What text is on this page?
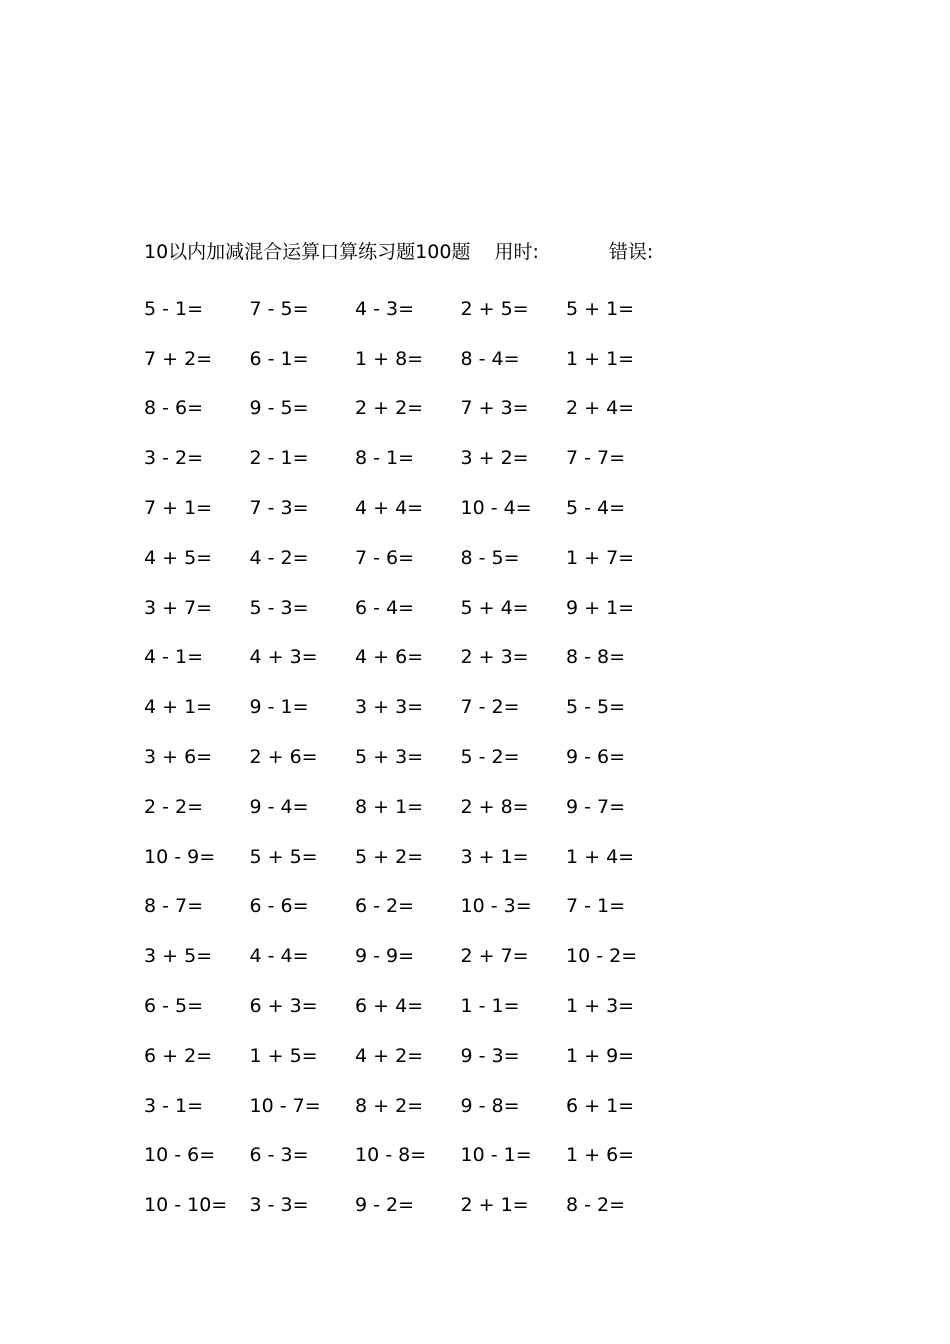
10以内加减混合运算口算练习题100题 用时:	错误:
5 - 1=	7 - 5=	4 - 3=	2 + 5=	5 + 1=
7 + 2=	6 - 1=	1 + 8=	8 - 4=	1 + 1=
8 - 6=	9 - 5=	2 + 2=	7 + 3=	2 + 4=
3 - 2=	2 - 1=	8 - 1=	3 + 2=	7 - 7=
7 + 1=	7 - 3=	4 + 4=	10 - 4=	5 - 4=
4 + 5=	4 - 2=	7 - 6=	8 - 5=	1 + 7=
3 + 7=	5 - 3=	6 - 4=	5 + 4=	9 + 1=
4 - 1=	4 + 3=	4 + 6=	2 + 3=	8 - 8=
4 + 1=	9 - 1=	3 + 3=	7 - 2=	5 - 5=
3 + 6=	2 + 6=	5 + 3=	5 - 2=	9 - 6=
2 - 2=	9 - 4=	8 + 1=	2 + 8=	9 - 7=
10 - 9=	5 + 5=	5 + 2=	3 + 1=	1 + 4=
8 - 7=	6 - 6=	6 - 2=	10 - 3=	7 - 1=
3 + 5=	4 - 4=	9 - 9=	2 + 7=	10 - 2=
6 - 5=	6 + 3=	6 + 4=	1 - 1=	1 + 3=
6 + 2=	1 + 5=	4 + 2=	9 - 3=	1 + 9=
3 - 1=	10 - 7=	8 + 2=	9 - 8=	6 + 1=
10 - 6=	6 - 3=	10 - 8=	10 - 1=	1 + 6=
10 - 10=	3 - 3=	9 - 2=	2 + 1=	8 - 2=
